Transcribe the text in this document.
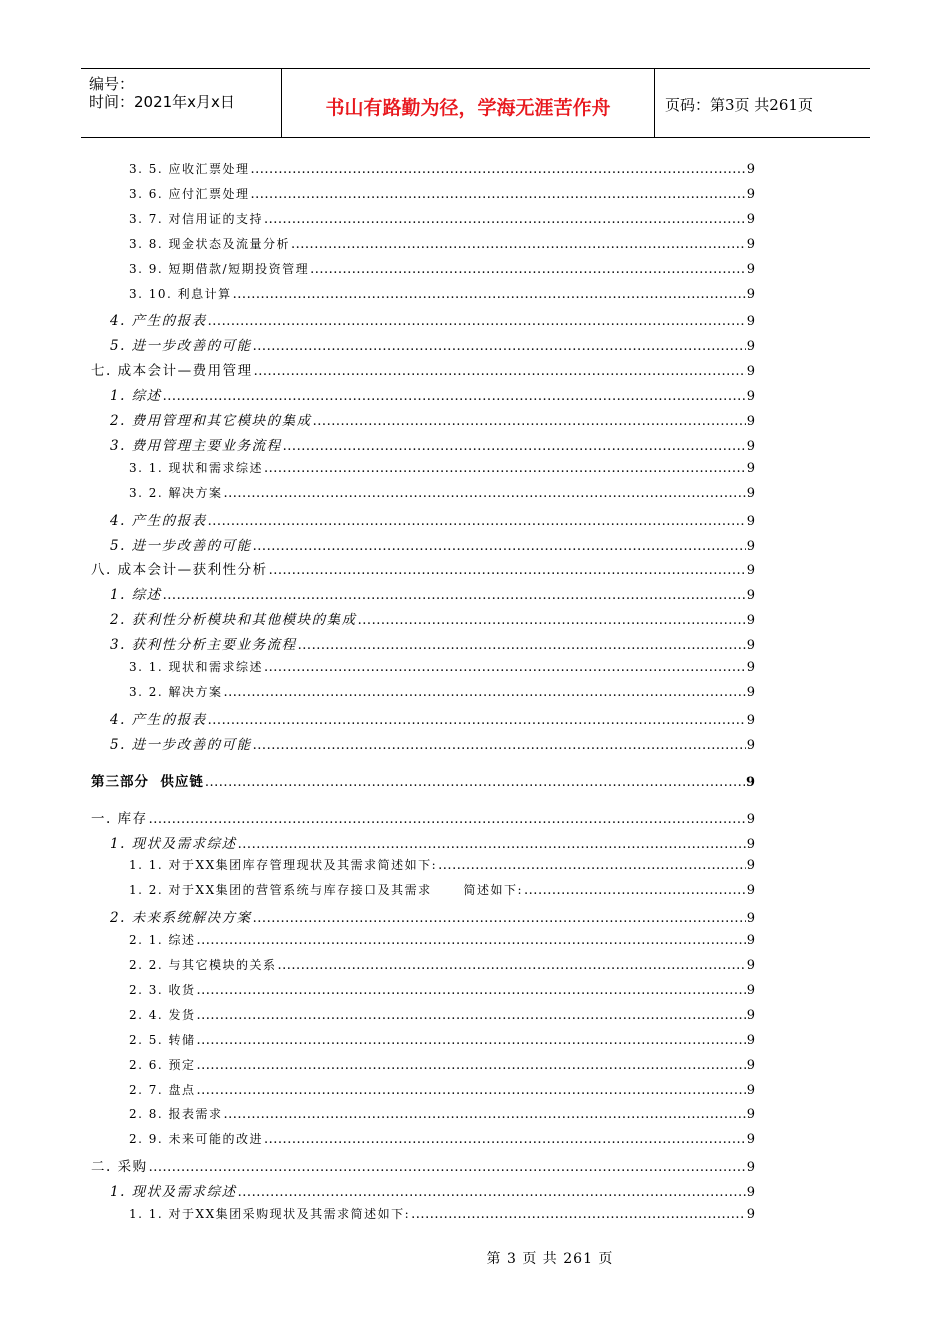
编号：
时间：2021年x月x日	书山有路勤为径，学海无涯苦作舟	页码：第3页 共261页
3. 5. 应收汇票处理 .....	9
3. 6. 应付汇票处理 .....	9
3. 7. 对信用证的支持 .....	9
3. 8. 现金状态及流量分析 .....	9
3. 9. 短期借款/短期投资管理 .....	9
3. 10. 利息计算 .....	9
4. 产生的报表 .....	9
5. 进一步改善的可能 .....	9
七. 成本会计—费用管理 .....	9
1. 综述 .....	9
2. 费用管理和其它模块的集成 .....	9
3. 费用管理主要业务流程 .....	9
3. 1. 现状和需求综述 .....	9
3. 2. 解决方案 .....	9
4. 产生的报表 .....	9
5. 进一步改善的可能 .....	9
八. 成本会计—获利性分析 .....	9
1. 综述 .....	9
2. 获利性分析模块和其他模块的集成 .....	9
3. 获利性分析主要业务流程 .....	9
3. 1. 现状和需求综述 .....	9
3. 2. 解决方案 .....	9
4. 产生的报表 .....	9
5. 进一步改善的可能 .....	9
第三部分  供应链 .....	9
一. 库存 .....	9
1. 现状及需求综述 .....	9
1. 1. 对于XX集团库存管理现状及其需求简述如下: .....	9
1. 2. 对于XX集团的营管系统与库存接口及其需求      简述如下: .....	9
2. 未来系统解决方案 .....	9
2. 1. 综述 .....	9
2. 2. 与其它模块的关系 .....	9
2. 3. 收货 .....	9
2. 4. 发货 .....	9
2. 5. 转储 .....	9
2. 6. 预定 .....	9
2. 7. 盘点 .....	9
2. 8. 报表需求 .....	9
2. 9. 未来可能的改进 .....	9
二. 采购 .....	9
1. 现状及需求综述 .....	9
1. 1. 对于XX集团采购现状及其需求简述如下: .....	9
第 3 页 共 261 页
